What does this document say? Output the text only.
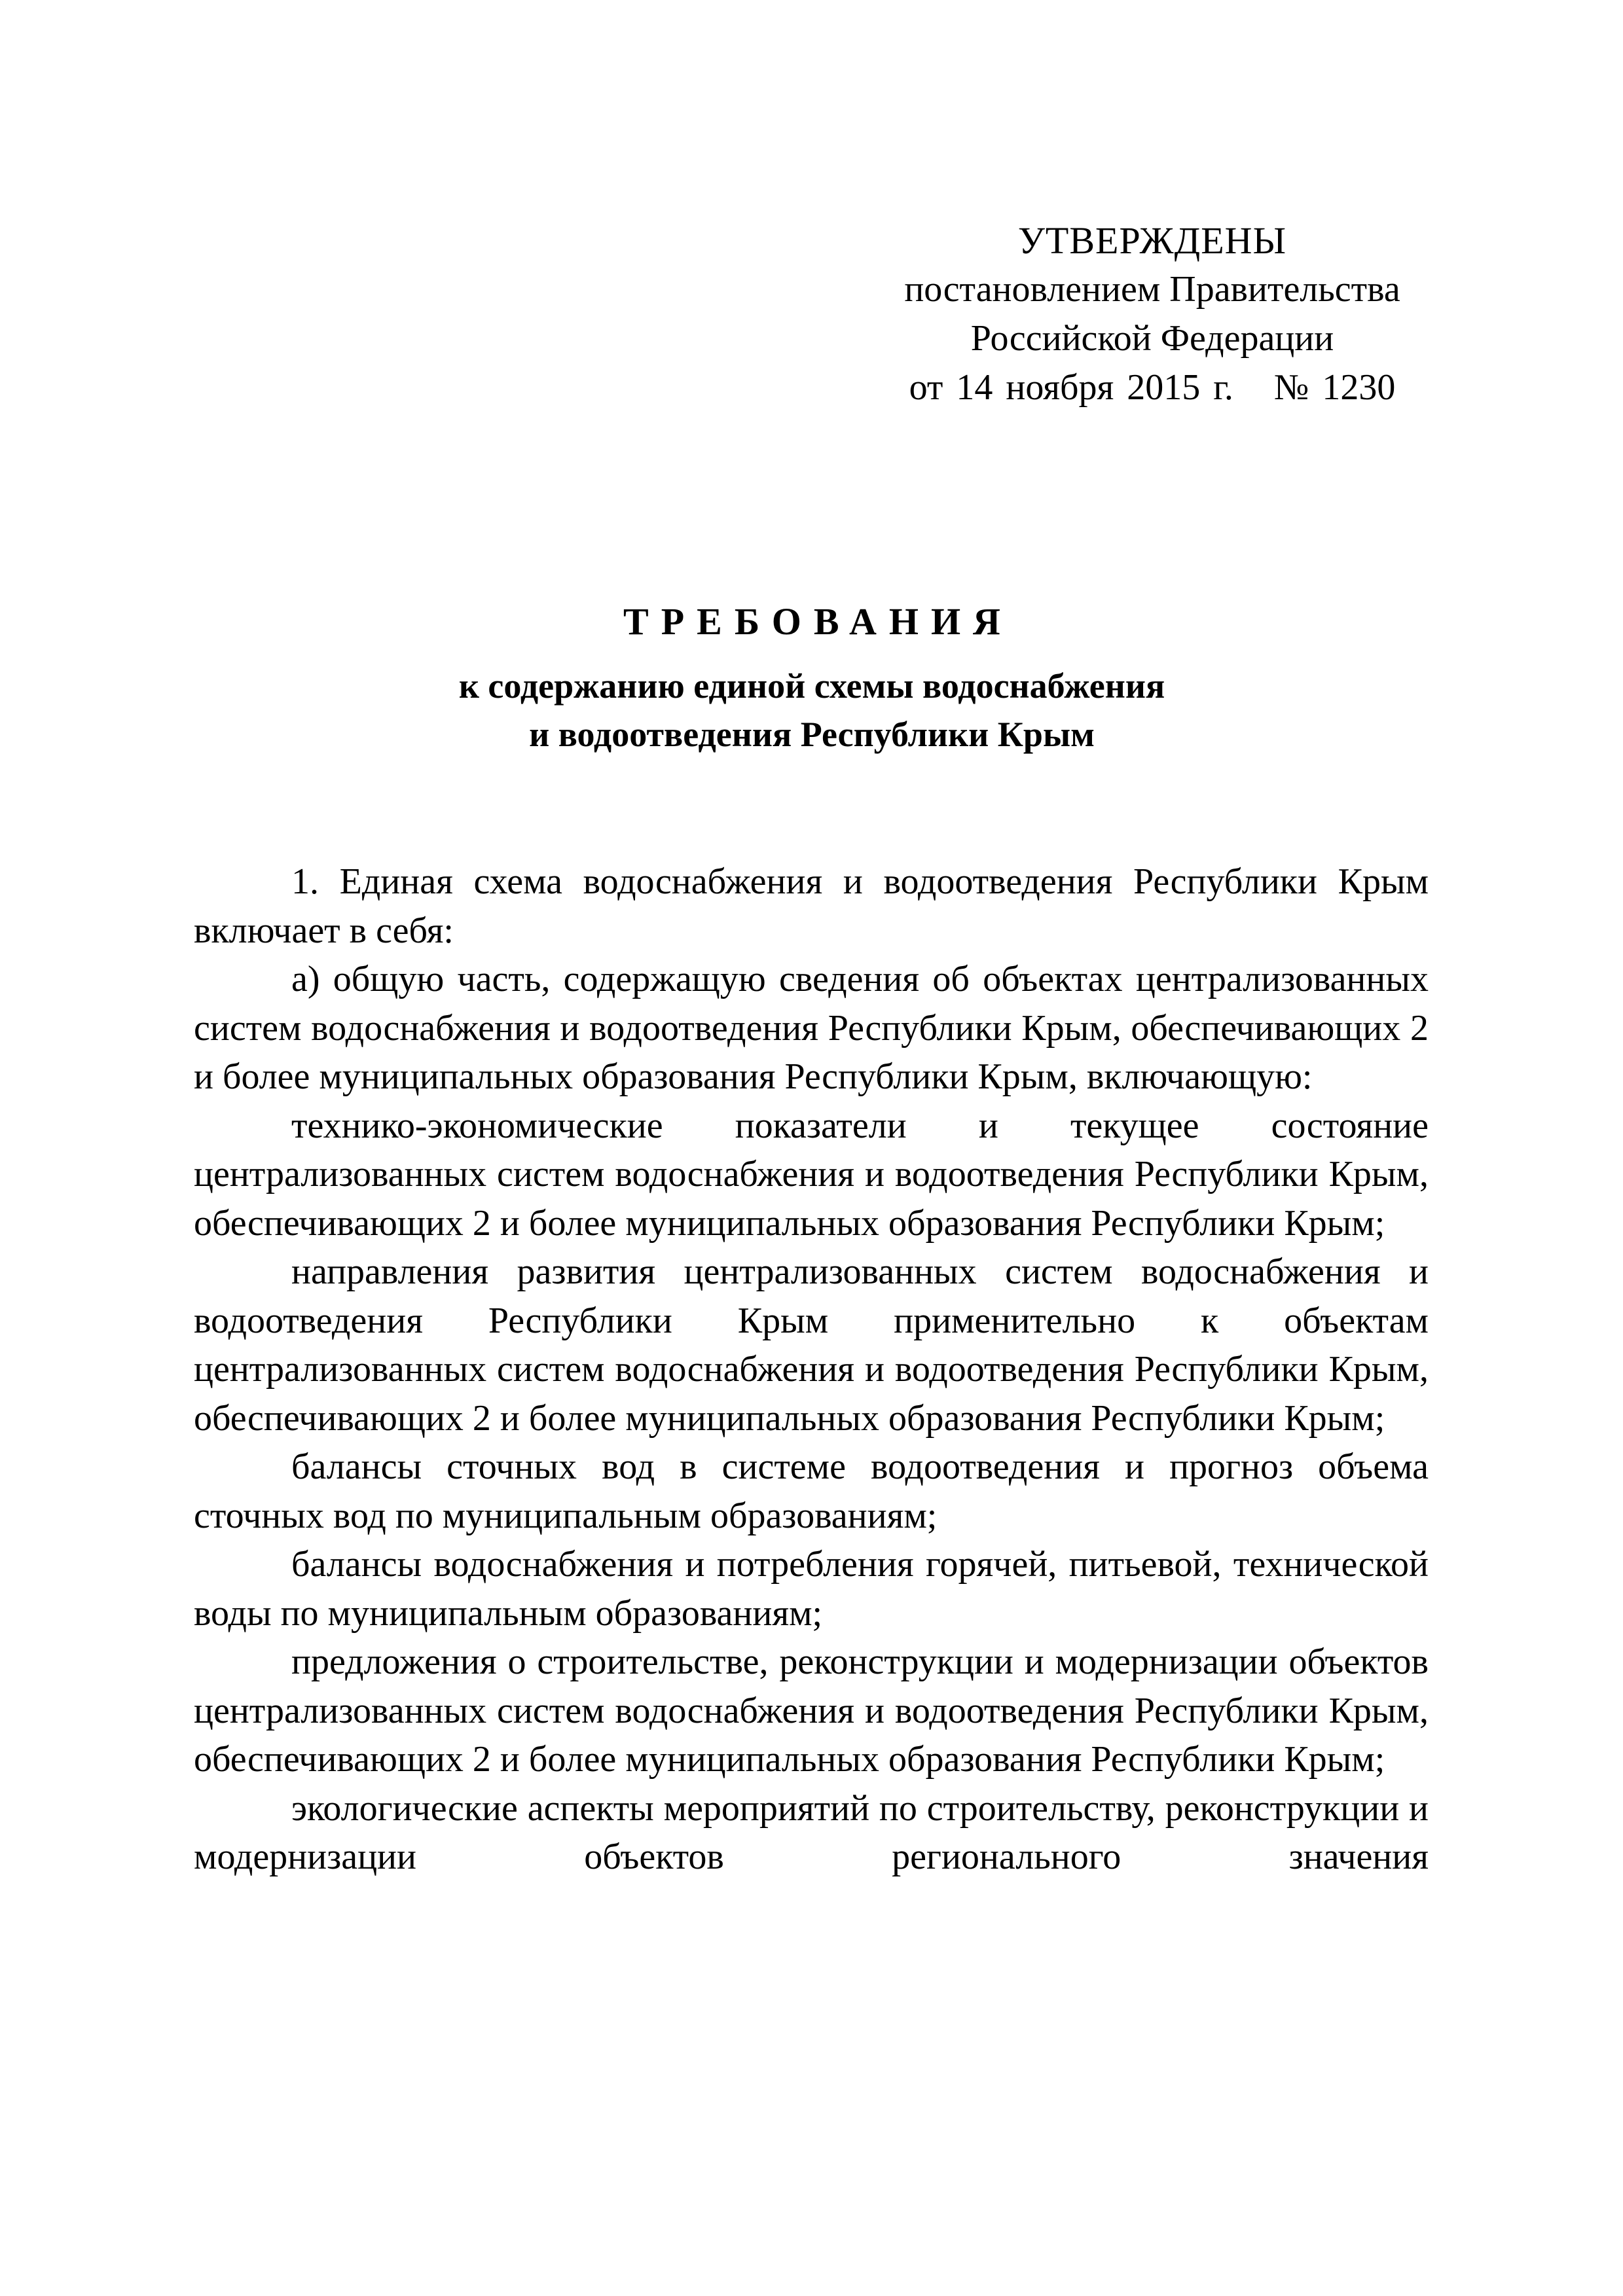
УТВЕРЖДЕНЫ
постановлением Правительства
Российской Федерации
от 14 ноября 2015 г. № 1230
ТРЕБОВАНИЯ
к содержанию единой схемы водоснабжения
и водоотведения Республики Крым

1. Единая схема водоснабжения и водоотведения Республики Крым включает в себя:

а) общую часть, содержащую сведения об объектах централизованных систем водоснабжения и водоотведения Республики Крым, обеспечивающих 2 и более муниципальных образования Республики Крым, включающую:

технико-экономические показатели и текущее состояние централизованных систем водоснабжения и водоотведения Республики Крым, обеспечивающих 2 и более муниципальных образования Республики Крым;

направления развития централизованных систем водоснабжения и водоотведения Республики Крым применительно к объектам централизованных систем водоснабжения и водоотведения Республики Крым, обеспечивающих 2 и более муниципальных образования Республики Крым;

балансы сточных вод в системе водоотведения и прогноз объема сточных вод по муниципальным образованиям;

балансы водоснабжения и потребления горячей, питьевой, технической воды по муниципальным образованиям;

предложения о строительстве, реконструкции и модернизации объектов централизованных систем водоснабжения и водоотведения Республики Крым, обеспечивающих 2 и более муниципальных образования Республики Крым;

экологические аспекты мероприятий по строительству, реконструкции и модернизации объектов регионального значения
